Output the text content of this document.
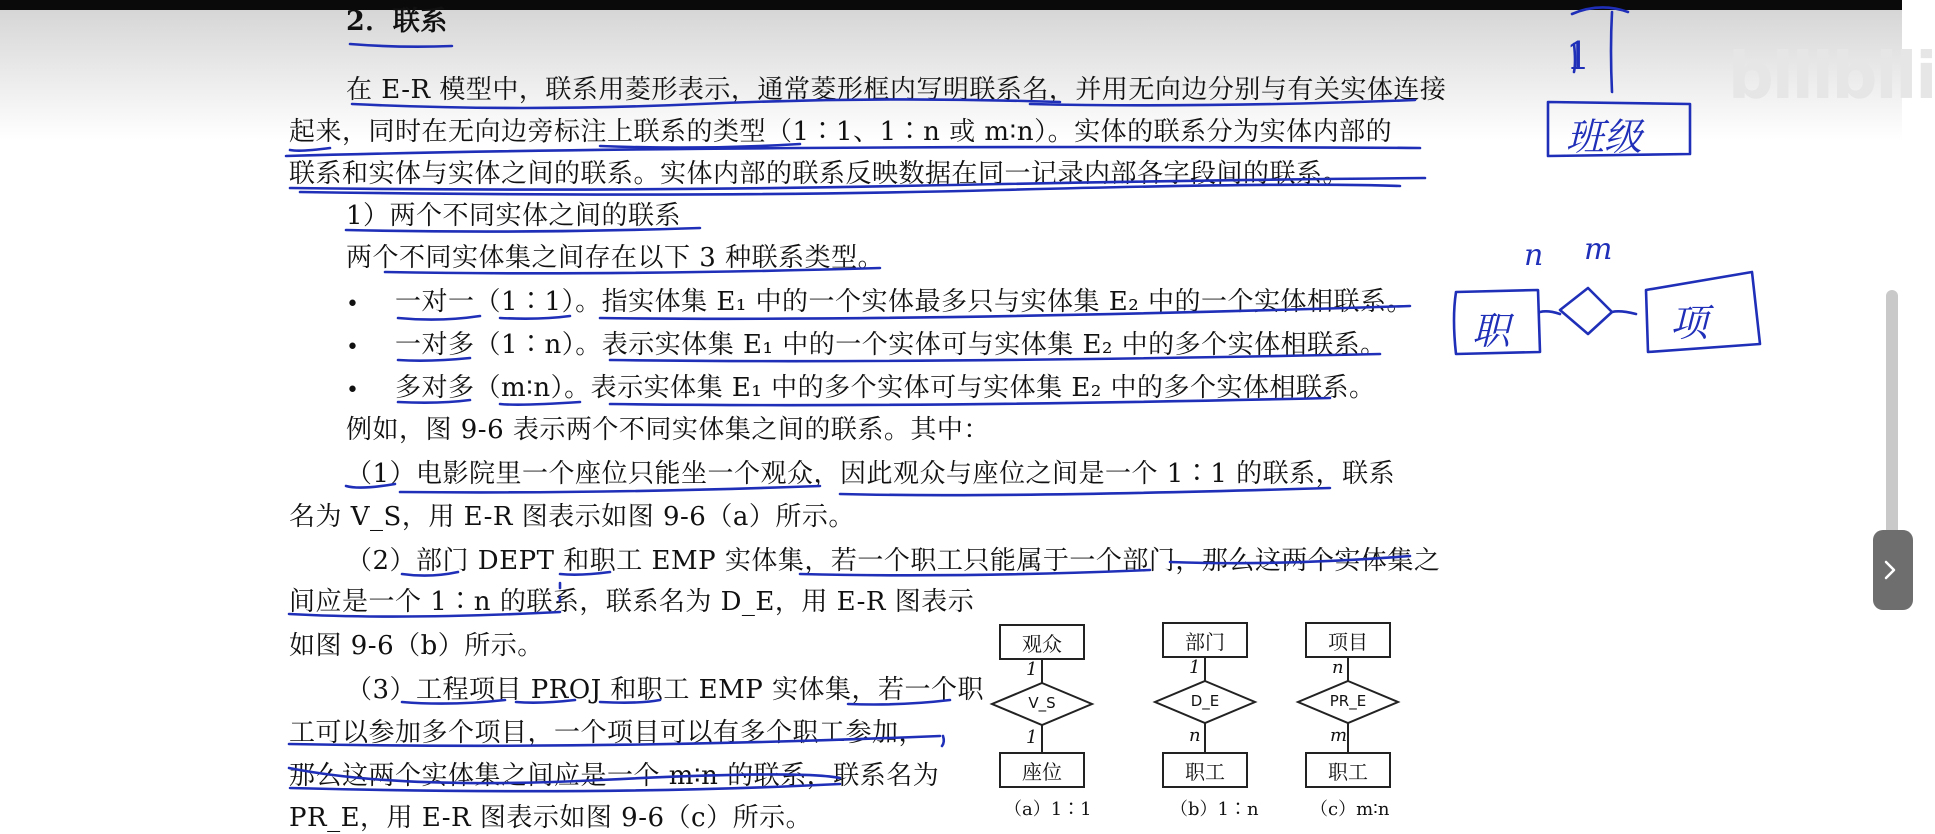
bilibili
2．联系
在 E-R 模型中，联系用菱形表示，通常菱形框内写明联系名，并用无向边分别与有关实体连接
起来，同时在无向边旁标注上联系的类型（1∶1、1∶n 或 m∶n）。实体的联系分为实体内部的
联系和实体与实体之间的联系。实体内部的联系反映数据在同一记录内部各字段间的联系。
1）两个不同实体之间的联系
两个不同实体集之间存在以下 3 种联系类型。
• 一对一（1∶1）。指实体集 E₁ 中的一个实体最多只与实体集 E₂ 中的一个实体相联系。
• 一对多（1∶n）。表示实体集 E₁ 中的一个实体可与实体集 E₂ 中的多个实体相联系。
• 多对多（m∶n）。表示实体集 E₁ 中的多个实体可与实体集 E₂ 中的多个实体相联系。
例如，图 9-6 表示两个不同实体集之间的联系。其中：
（1）电影院里一个座位只能坐一个观众，因此观众与座位之间是一个 1∶1 的联系，联系
名为 V_S，用 E-R 图表示如图 9-6（a）所示。
（2）部门 DEPT 和职工 EMP 实体集，若一个职工只能属于一个部门，那么这两个实体集之
间应是一个 1∶n 的联系，联系名为 D_E，用 E-R 图表示
如图 9-6（b）所示。
（3）工程项目 PROJ 和职工 EMP 实体集，若一个职
工可以参加多个项目，一个项目可以有多个职工参加，
那么这两个实体集之间应是一个 m∶n 的联系，联系名为
PR_E，用 E-R 图表示如图 9-6（c）所示。
观众
V_S
1
1
座位
（a）1∶1
部门
D_E
1
n
职工
（b）1∶n
项目
PR_E
n
m
职工
（c）m∶n
1
班级
n m
职	项
